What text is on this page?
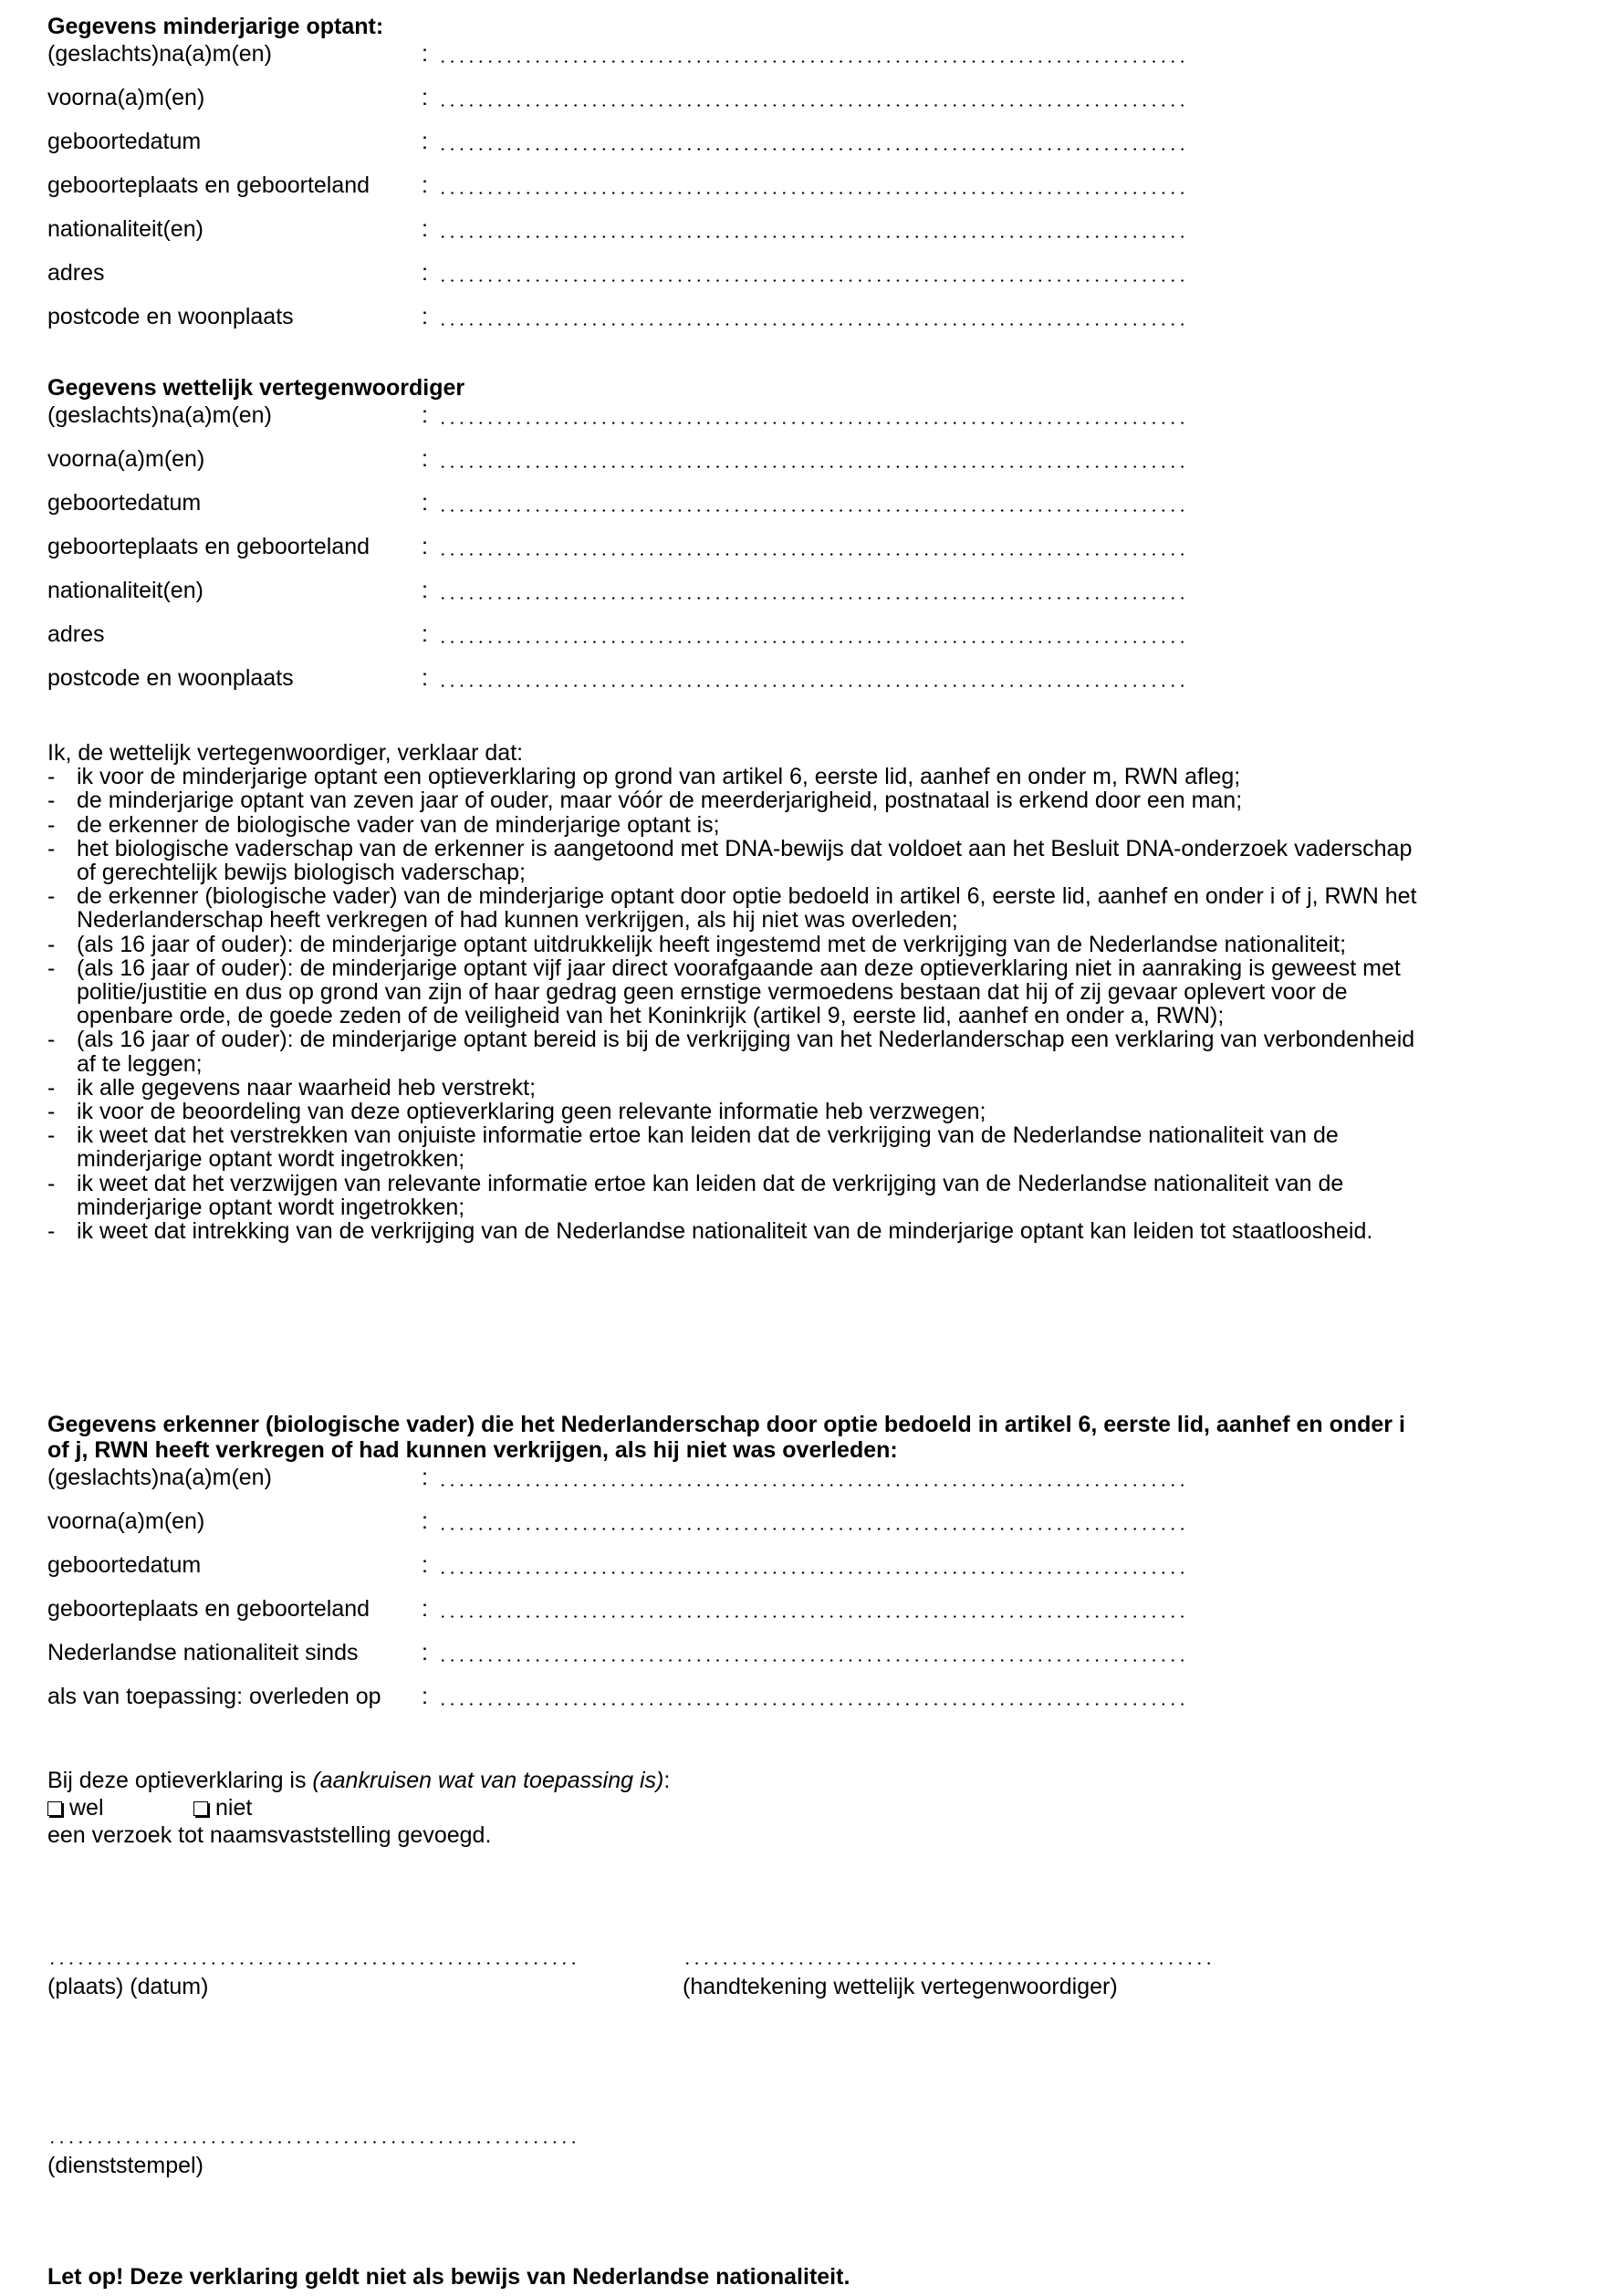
Gegevens minderjarige optant:
(geslachts)na(a)m(en)	:
voorna(a)m(en)	:
geboortedatum	:
geboorteplaats en geboorteland :
nationaliteit(en)	:
adres	:
postcode en woonplaats	:
Gegevens wettelijk vertegenwoordiger
(geslachts)na(a)m(en)	:
voorna(a)m(en)	:
geboortedatum	:
geboorteplaats en geboorteland :
nationaliteit(en)	:
adres	:
postcode en woonplaats	:
Ik, de wettelijk vertegenwoordiger, verklaar dat:
- ik voor de minderjarige optant een optieverklaring op grond van artikel 6, eerste lid, aanhef en onder m, RWN afleg;
- de minderjarige optant van zeven jaar of ouder, maar vóór de meerderjarigheid, postnataal is erkend door een man;
- de erkenner de biologische vader van de minderjarige optant is;
- het biologische vaderschap van de erkenner is aangetoond met DNA-bewijs dat voldoet aan het Besluit DNA-onderzoek vaderschap
of gerechtelijk bewijs biologisch vaderschap;
- de erkenner (biologische vader) van de minderjarige optant door optie bedoeld in artikel 6, eerste lid, aanhef en onder i of j, RWN het
Nederlanderschap heeft verkregen of had kunnen verkrijgen, als hij niet was overleden;
- (als 16 jaar of ouder): de minderjarige optant uitdrukkelijk heeft ingestemd met de verkrijging van de Nederlandse nationaliteit;
- (als 16 jaar of ouder): de minderjarige optant vijf jaar direct voorafgaande aan deze optieverklaring niet in aanraking is geweest met
politie/justitie en dus op grond van zijn of haar gedrag geen ernstige vermoedens bestaan dat hij of zij gevaar oplevert voor de
openbare orde, de goede zeden of de veiligheid van het Koninkrijk (artikel 9, eerste lid, aanhef en onder a, RWN);
- (als 16 jaar of ouder): de minderjarige optant bereid is bij de verkrijging van het Nederlanderschap een verklaring van verbondenheid
af te leggen;
- ik alle gegevens naar waarheid heb verstrekt;
- ik voor de beoordeling van deze optieverklaring geen relevante informatie heb verzwegen;
- ik weet dat het verstrekken van onjuiste informatie ertoe kan leiden dat de verkrijging van de Nederlandse nationaliteit van de
minderjarige optant wordt ingetrokken;
- ik weet dat het verzwijgen van relevante informatie ertoe kan leiden dat de verkrijging van de Nederlandse nationaliteit van de
minderjarige optant wordt ingetrokken;
- ik weet dat intrekking van de verkrijging van de Nederlandse nationaliteit van de minderjarige optant kan leiden tot staatloosheid.
Gegevens erkenner (biologische vader) die het Nederlanderschap door optie bedoeld in artikel 6, eerste lid, aanhef en onder i
of j, RWN heeft verkregen of had kunnen verkrijgen, als hij niet was overleden:
(geslachts)na(a)m(en)	:
voorna(a)m(en)	:
geboortedatum	:
geboorteplaats en geboorteland :
Nederlandse nationaliteit sinds	:
als van toepassing: overleden op :
Bij deze optieverklaring is (aankruisen wat van toepassing is):
wel	niet
een verzoek tot naamsvaststelling gevoegd.
(plaats) (datum)	(handtekening wettelijk vertegenwoordiger)
(dienststempel)
Let op! Deze verklaring geldt niet als bewijs van Nederlandse nationaliteit.
